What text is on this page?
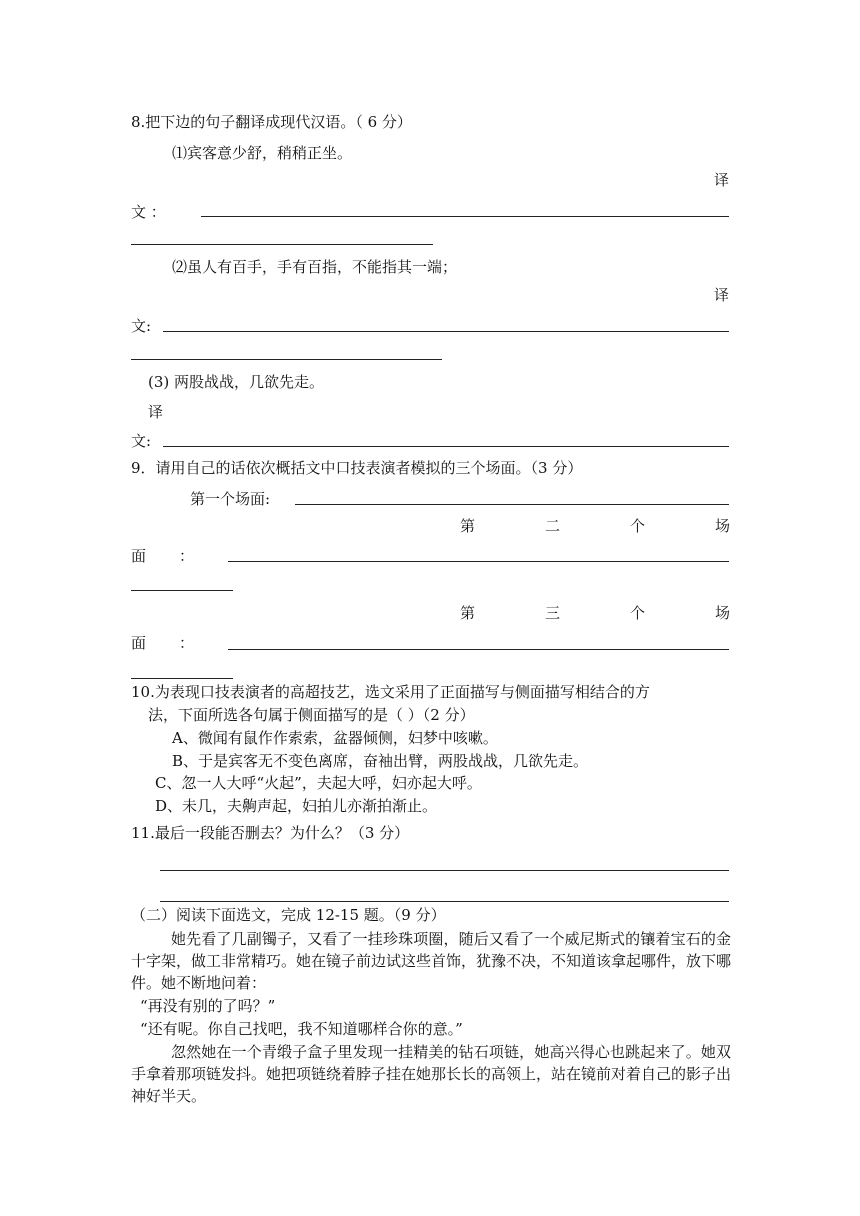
8.把下边的句子翻译成现代汉语。（ 6 分）
⑴宾客意少舒，稍稍正坐。
译
文 ：
⑵虽人有百手，手有百指，不能指其一端；
译
文:
(3) 两股战战，几欲先走。
译
文:
9．请用自己的话依次概括文中口技表演者模拟的三个场面。（3 分）
第一个场面:
第	二	个	场
面 ：
第	三	个	场
面 ：
10.为表现口技表演者的高超技艺，选文采用了正面描写与侧面描写相结合的方
法，下面所选各句属于侧面描写的是（ ）（2 分）
A、微闻有鼠作作索索，盆器倾侧，妇梦中咳嗽。
B、于是宾客无不变色离席，奋袖出臂，两股战战，几欲先走。
C、忽一人大呼“火起”，夫起大呼，妇亦起大呼。
D、未几，夫齁声起，妇拍儿亦渐拍渐止。
11.最后一段能否删去？为什么？（3 分）
（二）阅读下面选文，完成 12-15 题。（9 分）
她先看了几副镯子，又看了一挂珍珠项圈，随后又看了一个威尼斯式的镶着宝石的金十字架，做工非常精巧。她在镜子前边试这些首饰，犹豫不决，不知道该拿起哪件，放下哪件。她不断地问着：
“再没有别的了吗？”
“还有呢。你自己找吧，我不知道哪样合你的意。”
忽然她在一个青缎子盒子里发现一挂精美的钻石项链，她高兴得心也跳起来了。她双手拿着那项链发抖。她把项链绕着脖子挂在她那长长的高领上，站在镜前对着自己的影子出神好半天。
